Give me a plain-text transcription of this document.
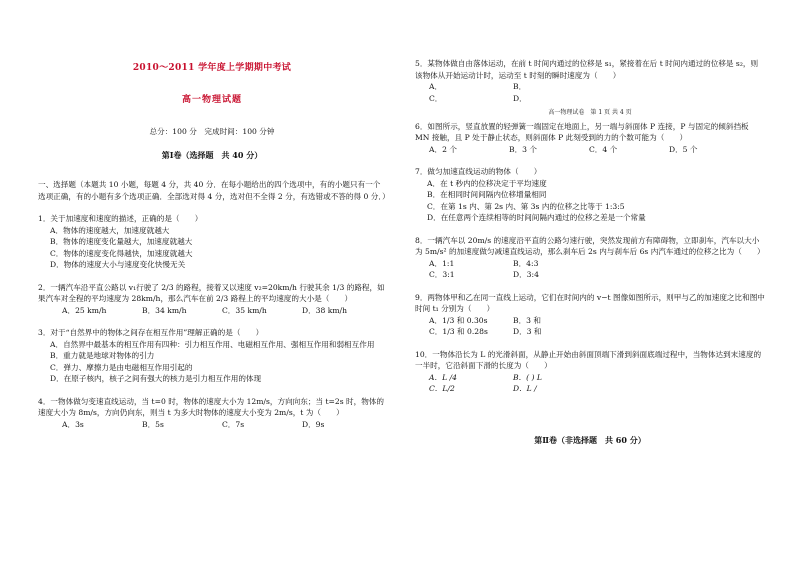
2010～2011 学年度上学期期中考试
高一物理试题
总分：100 分　完成时间：100 分钟
第Ⅰ卷（选择题　共 40 分）
一、选择题（本题共 10 小题，每题 4 分，共 40 分．在每小题给出的四个选项中，有的小题只有一个选项正确，有的小题有多个选项正确．全部选对得 4 分，选对但不全得 2 分，有选错或不答的得 0 分．）
1．关于加速度和速度的描述，正确的是（　　）
A．物体的速度越大，加速度就越大
B．物体的速度变化量越大，加速度就越大
C．物体的速度变化得越快，加速度就越大
D．物体的速度大小与速度变化快慢无关
2．一辆汽车沿平直公路以 v₁行驶了 2/3 的路程，接着又以速度 v₂=20km/h 行驶其余 1/3 的路程，如果汽车对全程的平均速度为 28km/h，那么汽车在前 2/3 路程上的平均速度的大小是（　　）
A．25 km/h	B．34 km/h	C．35 km/h	D．38 km/h
3．对于“自然界中的物体之间存在相互作用”理解正确的是（　　）
A．自然界中最基本的相互作用有四种：引力相互作用、电磁相互作用、强相互作用和弱相互作用
B．重力就是地球对物体的引力
C．弹力、摩擦力是由电磁相互作用引起的
D．在原子核内，核子之间有强大的核力是引力相互作用的体现
4．一物体做匀变速直线运动，当 t=0 时，物体的速度大小为 12m/s，方向向东；当 t=2s 时，物体的速度大小为 8m/s，方向仍向东，则当 t 为多大时物体的速度大小变为 2m/s，t 为（　　）
A．3s	B．5s	C．7s	D．9s
5．某物体做自由落体运动，在前 t 时间内通过的位移是 s₁，紧接着在后 t 时间内通过的位移是 s₂，则该物体从开始运动计时，运动至 t 时刻的瞬时速度为（　　）
A．	B．
C．	D．
高一物理试卷　第 1 页 共 4 页
6．如图所示，竖直放置的轻弹簧一端固定在地面上，另一端与斜面体 P 连接，P 与固定的倾斜挡板 MN 接触，且 P 处于静止状态，则斜面体 P 此刻受到的力的个数可能为（　　）
A．2 个	B．3 个	C．4 个	D．5 个
7．做匀加速直线运动的物体（　　）
A．在 t 秒内的位移决定于平均速度
B．在相同时间间隔内位移增量相同
C．在第 1s 内、第 2s 内、第 3s 内的位移之比等于 1:3:5
D．在任意两个连续相等的时间间隔内通过的位移之差是一个常量
8．一辆汽车以 20m/s 的速度沿平直的公路匀速行驶，突然发现前方有障碍物，立即刹车，汽车以大小为 5m/s² 的加速度做匀减速直线运动，那么刹车后 2s 内与刹车后 6s 内汽车通过的位移之比为（　　）
A．1:1	B．4:3
C．3:1	D．3:4
9．两物体甲和乙在同一直线上运动，它们在时间内的 v−t 图像如图所示，则甲与乙的加速度之比和图中时间 t₁ 分别为（　　）
A．1/3 和 0.30s	B．3 和
C．1/3 和 0.28s	D．3 和
10．一物体沿长为 L 的光滑斜面，从静止开始由斜面顶端下滑到斜面底端过程中，当物体达到末速度的一半时，它沿斜面下滑的长度为（　　）
A．L /4	B．( ) L
C．L/2	D．L /
第Ⅱ卷（非选择题　共 60 分）
